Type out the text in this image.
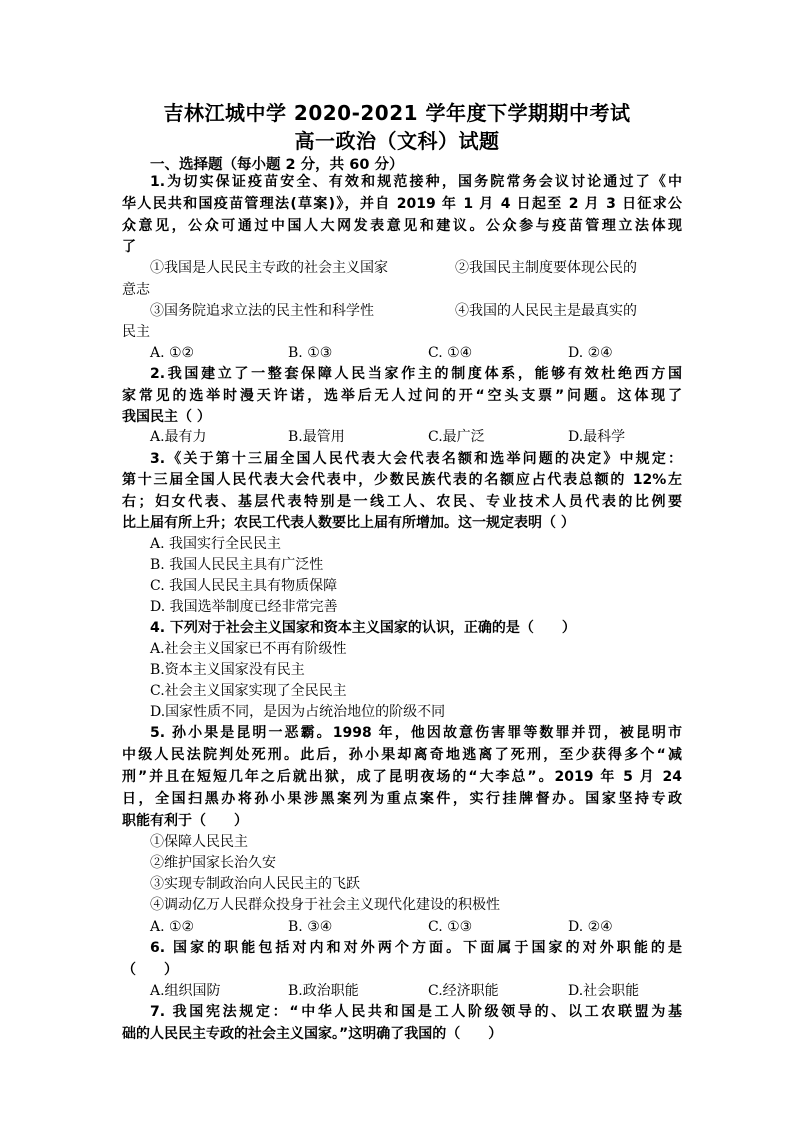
吉林江城中学 2020-2021 学年度下学期期中考试
高一政治（文科）试题
一、选择题（每小题 2 分，共 60 分）
1.为切实保证疫苗安全、有效和规范接种，国务院常务会议讨论通过了《中
华人民共和国疫苗管理法(草案)》，并自 2019 年 1 月 4 日起至 2 月 3 日征求公
众意见，公众可通过中国人大网发表意见和建议。公众参与疫苗管理立法体现
了
①我国是人民民主专政的社会主义国家	②我国民主制度要体现公民的
意志
③国务院追求立法的民主性和科学性	④我国的人民民主是最真实的
民主
A. ①②	B. ①③	C. ①④	D. ②④
2.我国建立了一整套保障人民当家作主的制度体系，能够有效杜绝西方国
家常见的选举时漫天许诺，选举后无人过问的开“空头支票”问题。这体现了
我国民主（ ）
A.最有力	B.最管用	C.最广泛	D.最科学
3.《关于第十三届全国人民代表大会代表名额和选举问题的决定》中规定：
第十三届全国人民代表大会代表中，少数民族代表的名额应占代表总额的 12%左
右；妇女代表、基层代表特别是一线工人、农民、专业技术人员代表的比例要
比上届有所上升；农民工代表人数要比上届有所增加。这一规定表明（ ）
A. 我国实行全民民主
B. 我国人民民主具有广泛性
C. 我国人民民主具有物质保障
D. 我国选举制度已经非常完善
4. 下列对于社会主义国家和资本主义国家的认识，正确的是（　　）
A.社会主义国家已不再有阶级性
B.资本主义国家没有民主
C.社会主义国家实现了全民民主
D.国家性质不同，是因为占统治地位的阶级不同
5. 孙小果是昆明一恶霸。1998 年，他因故意伤害罪等数罪并罚，被昆明市
中级人民法院判处死刑。此后，孙小果却离奇地逃离了死刑，至少获得多个“减
刑”并且在短短几年之后就出狱，成了昆明夜场的“大李总”。2019 年 5 月 24
日，全国扫黑办将孙小果涉黑案列为重点案件，实行挂牌督办。国家坚持专政
职能有利于（　　）
①保障人民民主
②维护国家长治久安
③实现专制政治向人民民主的飞跃
④调动亿万人民群众投身于社会主义现代化建设的积极性
A. ①②	B. ③④	C. ①③	D. ②④
6. 国家的职能包括对内和对外两个方面。下面属于国家的对外职能的是
（　　）
A.组织国防	B.政治职能	C.经济职能	D.社会职能
7. 我国宪法规定：“中华人民共和国是工人阶级领导的、以工农联盟为基
础的人民民主专政的社会主义国家。”这明确了我国的（　　）
